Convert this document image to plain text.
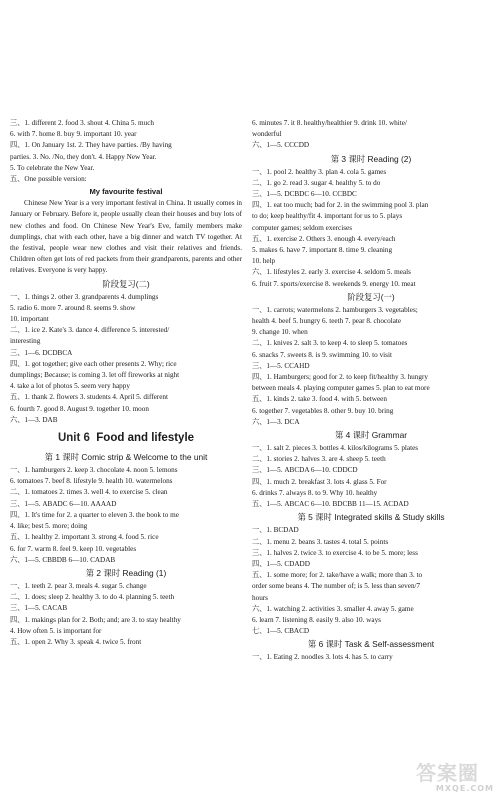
三、1. different 2. food 3. shout 4. China 5. much
6. with 7. home 8. buy 9. important 10. year
四、1. On January 1st. 2. They have parties. /By having
parties. 3. No. /No, they don't. 4. Happy New Year.
5. To celebrate the New Year.
五、One possible version:
My favourite festival
Chinese New Year is a very important festival in China. It usually comes in January or February. Before it, people usually clean their houses and buy lots of new clothes and food. On Chinese New Year's Eve, family members make dumplings, chat with each other, have a big dinner and watch TV together. At the festival, people wear new clothes and visit their relatives and friends. Children often get lots of red packets from their grandparents, parents and other relatives. Everyone is very happy.
阶段复习(二)
一、1. things 2. other 3. grandparents 4. dumplings
5. radio 6. more 7. around 8. seems 9. show
10. important
二、1. ice 2. Kate's 3. dance 4. difference 5. interested/
interesting
三、1—6. DCDBCA
四、1. got together; give each other presents 2. Why; rice
dumplings; Because; is coming 3. let off fireworks at night
4. take a lot of photos 5. seem very happy
五、1. thank 2. flowers 3. students 4. April 5. different
6. fourth 7. good 8. August 9. together 10. moon
六、1—3. DAB
Unit 6 Food and lifestyle
第 1 课时 Comic strip & Welcome to the unit
一、1. hamburgers 2. keep 3. chocolate 4. noon 5. lemons
6. tomatoes 7. beef 8. lifestyle 9. health 10. watermelons
二、1. tomatoes 2. times 3. well 4. to exercise 5. clean
三、1—5. ABADC 6—10. AAAAD
四、1. It's time for 2. a quarter to eleven 3. the book to me
4. like; best 5. more; doing
五、1. healthy 2. important 3. strong 4. food 5. rice
6. for 7. warm 8. feel 9. keep 10. vegetables
六、1—5. CBBDB 6—10. CADAB
第 2 课时 Reading (1)
一、1. teeth 2. pear 3. meals 4. sugar 5. change
二、1. does; sleep 2. healthy 3. to do 4. planning 5. teeth
三、1—5. CACAB
四、1. makings plan for 2. Both; and; are 3. to stay healthy
4. How often 5. is important for
五、1. open 2. Why 3. speak 4. twice 5. front
6. minutes 7. it 8. healthy/healthier 9. drink 10. white/
wonderful
六、1—5. CCCDD
第 3 课时 Reading (2)
一、1. pool 2. healthy 3. plan 4. cola 5. games
二、1. go 2. read 3. sugar 4. healthy 5. to do
三、1—5. DCBDC 6—10. CCBDC
四、1. eat too much; bad for 2. in the swimming pool 3. plan
to do; keep healthy/fit 4. important for us to 5. plays
computer games; seldom exercises
五、1. exercise 2. Others 3. enough 4. every/each
5. makes 6. have 7. important 8. time 9. cleaning
10. help
六、1. lifestyles 2. early 3. exercise 4. seldom 5. meals
6. fruit 7. sports/exercise 8. weekends 9. energy 10. meat
阶段复习(一)
一、1. carrots; watermelons 2. hamburgers 3. vegetables;
health 4. beef 5. hungry 6. teeth 7. pear 8. chocolate
9. change 10. when
二、1. knives 2. salt 3. to keep 4. to sleep 5. tomatoes
6. snacks 7. sweets 8. is 9. swimming 10. to visit
三、1—5. CCAHD
四、1. Hamburgers; good for 2. to keep fit/healthy 3. hungry
between meals 4. playing computer games 5. plan to eat more
五、1. kinds 2. take 3. food 4. with 5. between
6. together 7. vegetables 8. other 9. buy 10. bring
六、1—3. DCA
第 4 课时 Grammar
一、1. salt 2. pieces 3. bottles 4. kilos/kilograms 5. plates
二、1. stories 2. halves 3. are 4. sheep 5. teeth
三、1—5. ABCDA 6—10. CDDCD
四、1. much 2. breakfast 3. lots 4. glass 5. For
6. drinks 7. always 8. to 9. Why 10. healthy
五、1—5. ABCAC 6—10. BDCBB 11—15. ACDAD
第 5 课时 Integrated skills & Study skills
一、1. BCDAD
二、1. menu 2. beans 3. tastes 4. total 5. points
三、1. halves 2. twice 3. to exercise 4. to be 5. more; less
四、1—5. CDADD
五、1. some more; for 2. take/have a walk; more than 3. to
order some beans 4. The number of; is 5. less than seven/7
hours
六、1. watching 2. activities 3. smaller 4. away 5. game
6. learn 7. listening 8. easily 9. also 10. ways
七、1—5. CBACD
第 6 课时 Task & Self-assessment
一、1. Eating 2. noodles 3. lots 4. has 5. to carry
答案圈
MXQE.COM
